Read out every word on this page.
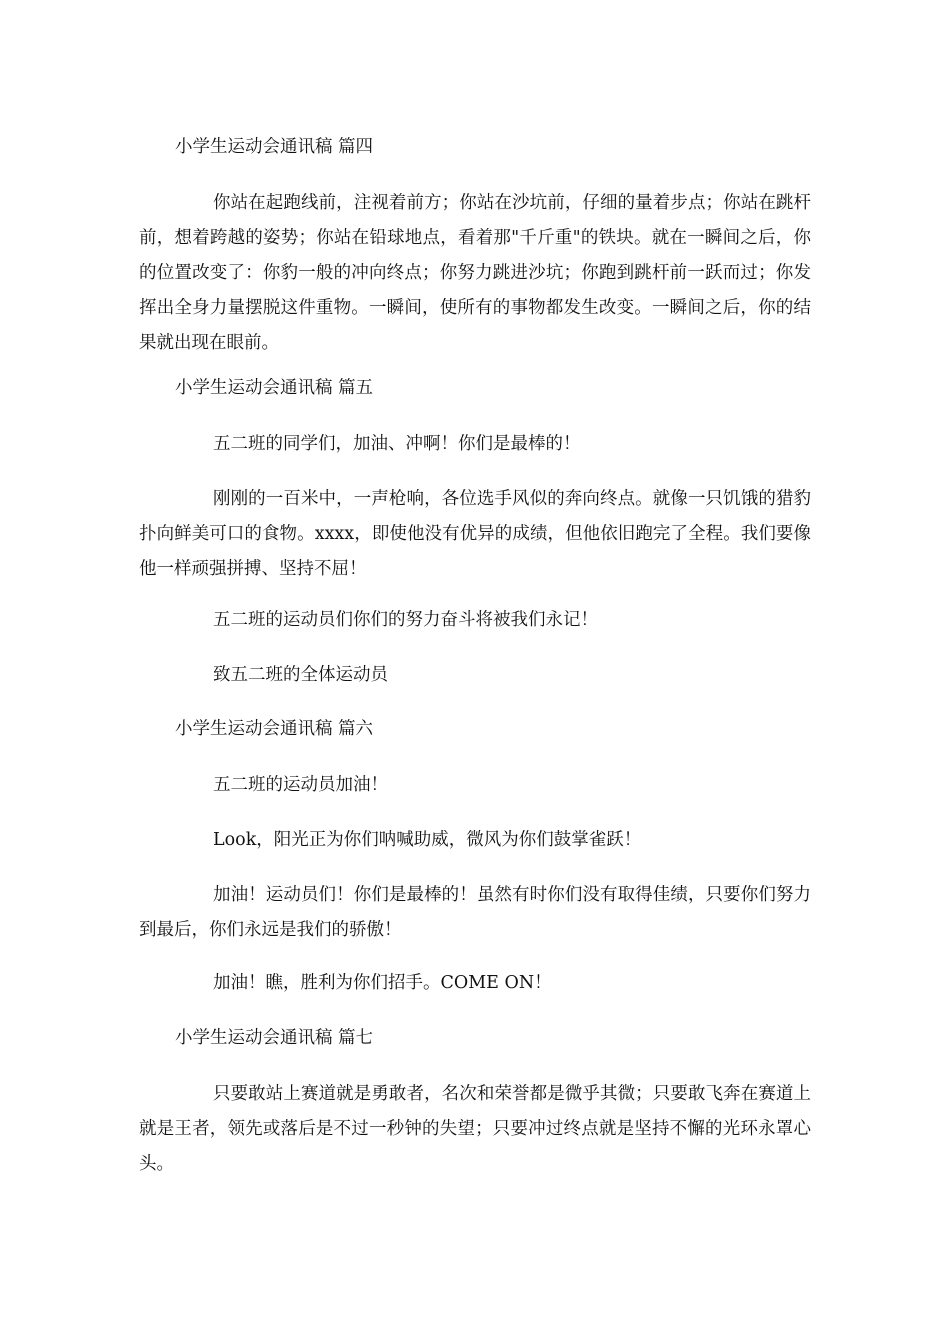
小学生运动会通讯稿 篇四

你站在起跑线前，注视着前方；你站在沙坑前，仔细的量着步点；你站在跳杆前，想着跨越的姿势；你站在铅球地点，看着那"千斤重"的铁块。就在一瞬间之后，你的位置改变了：你豹一般的冲向终点；你努力跳进沙坑；你跑到跳杆前一跃而过；你发挥出全身力量摆脱这件重物。一瞬间，使所有的事物都发生改变。一瞬间之后，你的结果就出现在眼前。

小学生运动会通讯稿 篇五

五二班的同学们，加油、冲啊！你们是最棒的！

刚刚的一百米中，一声枪响，各位选手风似的奔向终点。就像一只饥饿的猎豹扑向鲜美可口的食物。xxxx，即使他没有优异的成绩，但他依旧跑完了全程。我们要像他一样顽强拼搏、坚持不屈！

五二班的运动员们你们的努力奋斗将被我们永记！

致五二班的全体运动员

小学生运动会通讯稿 篇六

五二班的运动员加油！

Look，阳光正为你们呐喊助威，微风为你们鼓掌雀跃！

加油！运动员们！你们是最棒的！虽然有时你们没有取得佳绩，只要你们努力到最后，你们永远是我们的骄傲！

加油！瞧，胜利为你们招手。COME ON！

小学生运动会通讯稿 篇七

只要敢站上赛道就是勇敢者，名次和荣誉都是微乎其微；只要敢飞奔在赛道上就是王者，领先或落后是不过一秒钟的失望；只要冲过终点就是坚持不懈的光环永罩心头。
